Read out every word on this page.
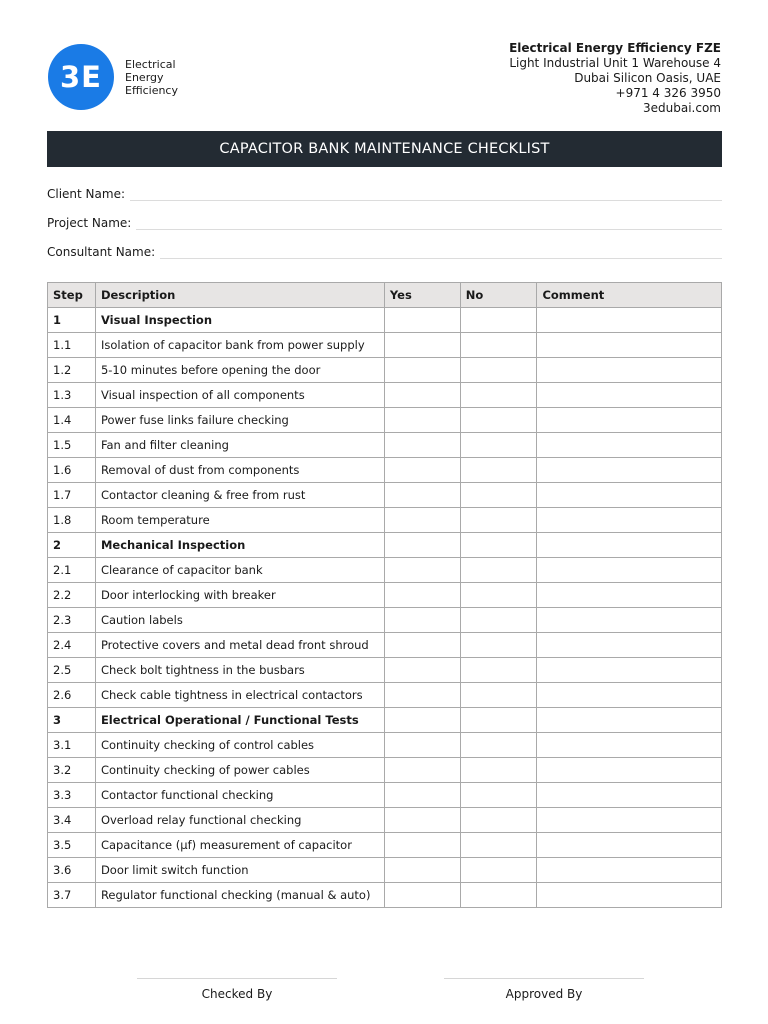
3E	Electrical
Energy
Efficiency
Electrical Energy Efficiency FZE
Light Industrial Unit 1 Warehouse 4
Dubai Silicon Oasis, UAE
+971 4 326 3950
3edubai.com
CAPACITOR BANK MAINTENANCE CHECKLIST
Client Name:
Project Name:
Consultant Name:
Step	Description	Yes	No	Comment
1	Visual Inspection			
1.1	Isolation of capacitor bank from power supply			
1.2	5-10 minutes before opening the door			
1.3	Visual inspection of all components			
1.4	Power fuse links failure checking			
1.5	Fan and filter cleaning			
1.6	Removal of dust from components			
1.7	Contactor cleaning & free from rust			
1.8	Room temperature			
2	Mechanical Inspection			
2.1	Clearance of capacitor bank			
2.2	Door interlocking with breaker			
2.3	Caution labels			
2.4	Protective covers and metal dead front shroud			
2.5	Check bolt tightness in the busbars			
2.6	Check cable tightness in electrical contactors			
3	Electrical Operational / Functional Tests			
3.1	Continuity checking of control cables			
3.2	Continuity checking of power cables			
3.3	Contactor functional checking			
3.4	Overload relay functional checking			
3.5	Capacitance (µf) measurement of capacitor			
3.6	Door limit switch function			
3.7	Regulator functional checking (manual & auto)			
Checked By	Approved By
